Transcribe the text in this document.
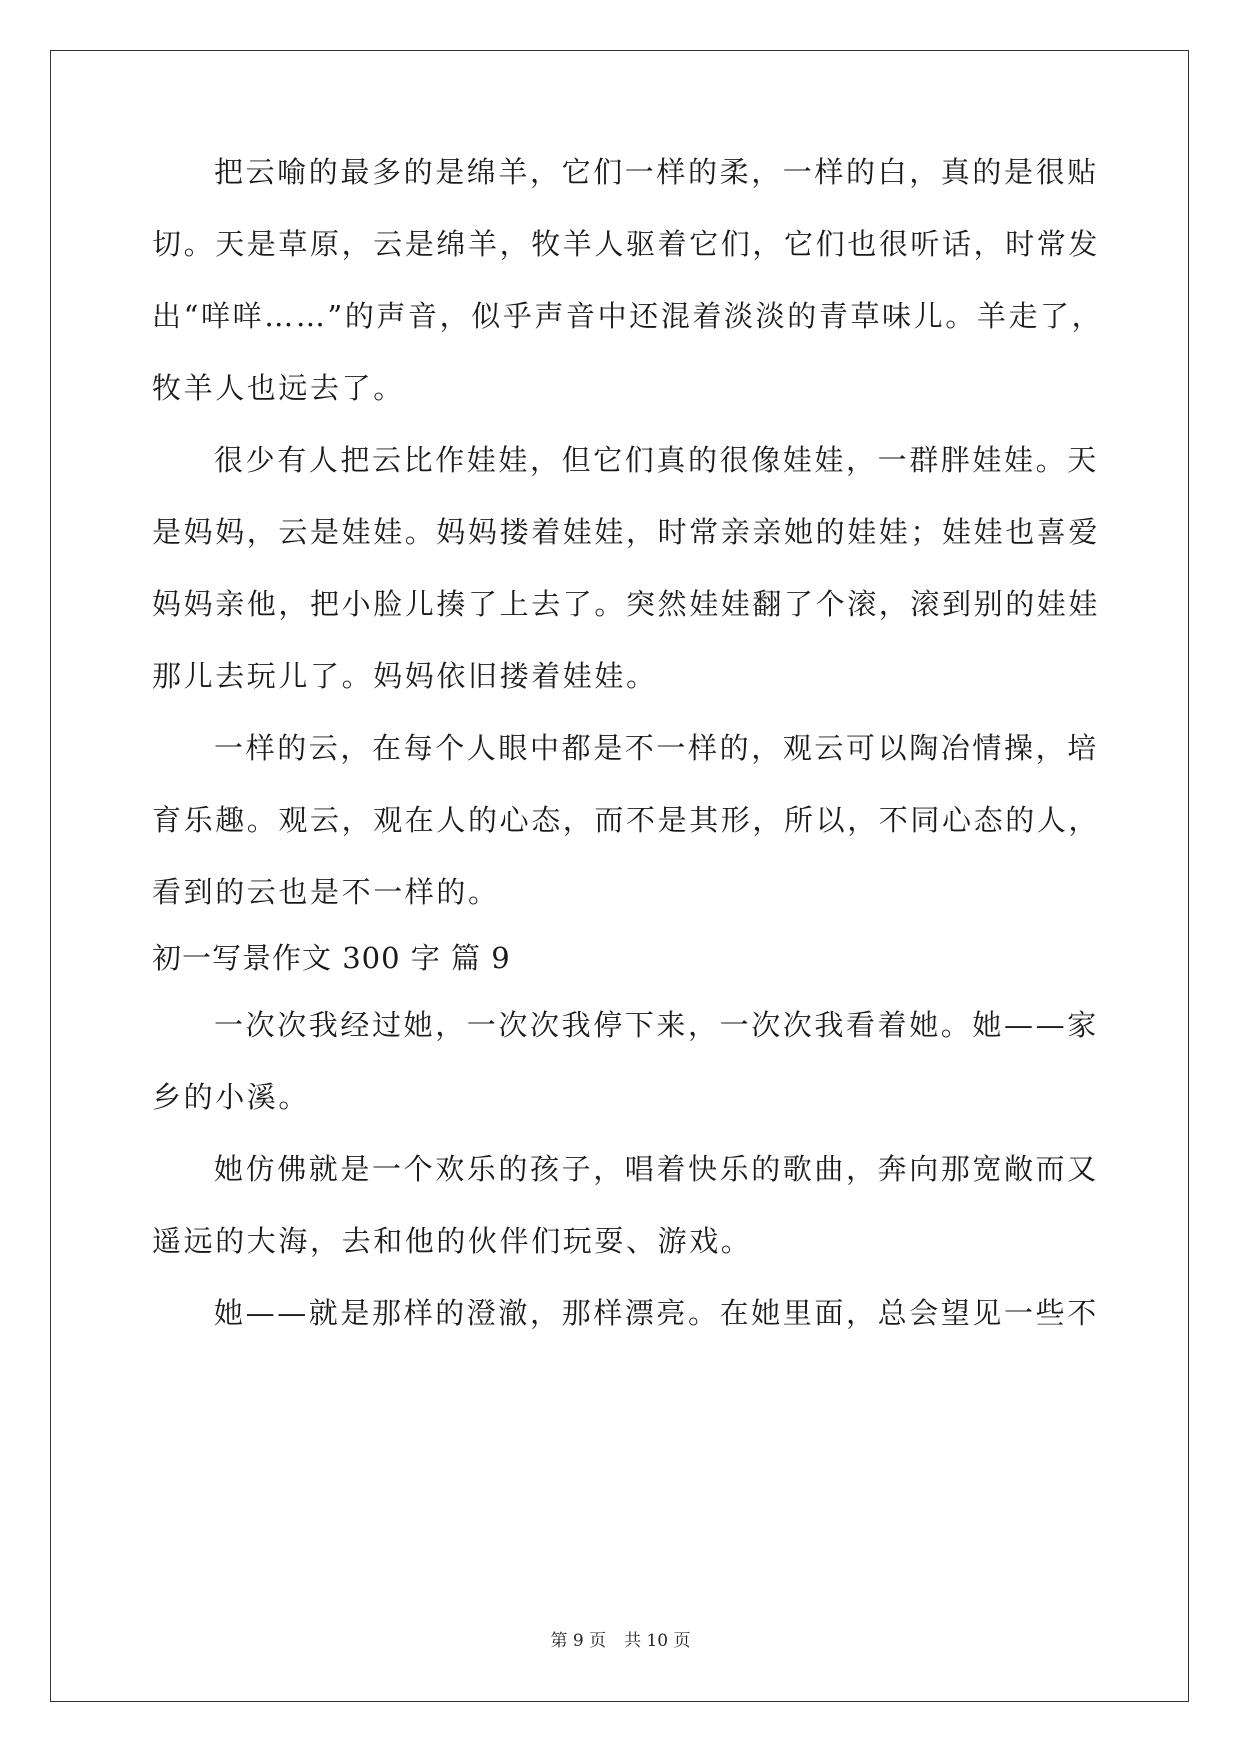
把云喻的最多的是绵羊，它们一样的柔，一样的白，真的是很贴
切。天是草原，云是绵羊，牧羊人驱着它们，它们也很听话，时常发
出“咩咩……”的声音，似乎声音中还混着淡淡的青草味儿。羊走了，
牧羊人也远去了。
很少有人把云比作娃娃，但它们真的很像娃娃，一群胖娃娃。天
是妈妈，云是娃娃。妈妈搂着娃娃，时常亲亲她的娃娃；娃娃也喜爱
妈妈亲他，把小脸儿揍了上去了。突然娃娃翻了个滚，滚到别的娃娃
那儿去玩儿了。妈妈依旧搂着娃娃。
一样的云，在每个人眼中都是不一样的，观云可以陶冶情操，培
育乐趣。观云，观在人的心态，而不是其形，所以，不同心态的人，
看到的云也是不一样的。
初一写景作文 300 字 篇 9
一次次我经过她，一次次我停下来，一次次我看着她。她——家
乡的小溪。
她仿佛就是一个欢乐的孩子，唱着快乐的歌曲，奔向那宽敞而又
遥远的大海，去和他的伙伴们玩耍、游戏。
她——就是那样的澄澈，那样漂亮。在她里面，总会望见一些不
第 9 页 共 10 页
